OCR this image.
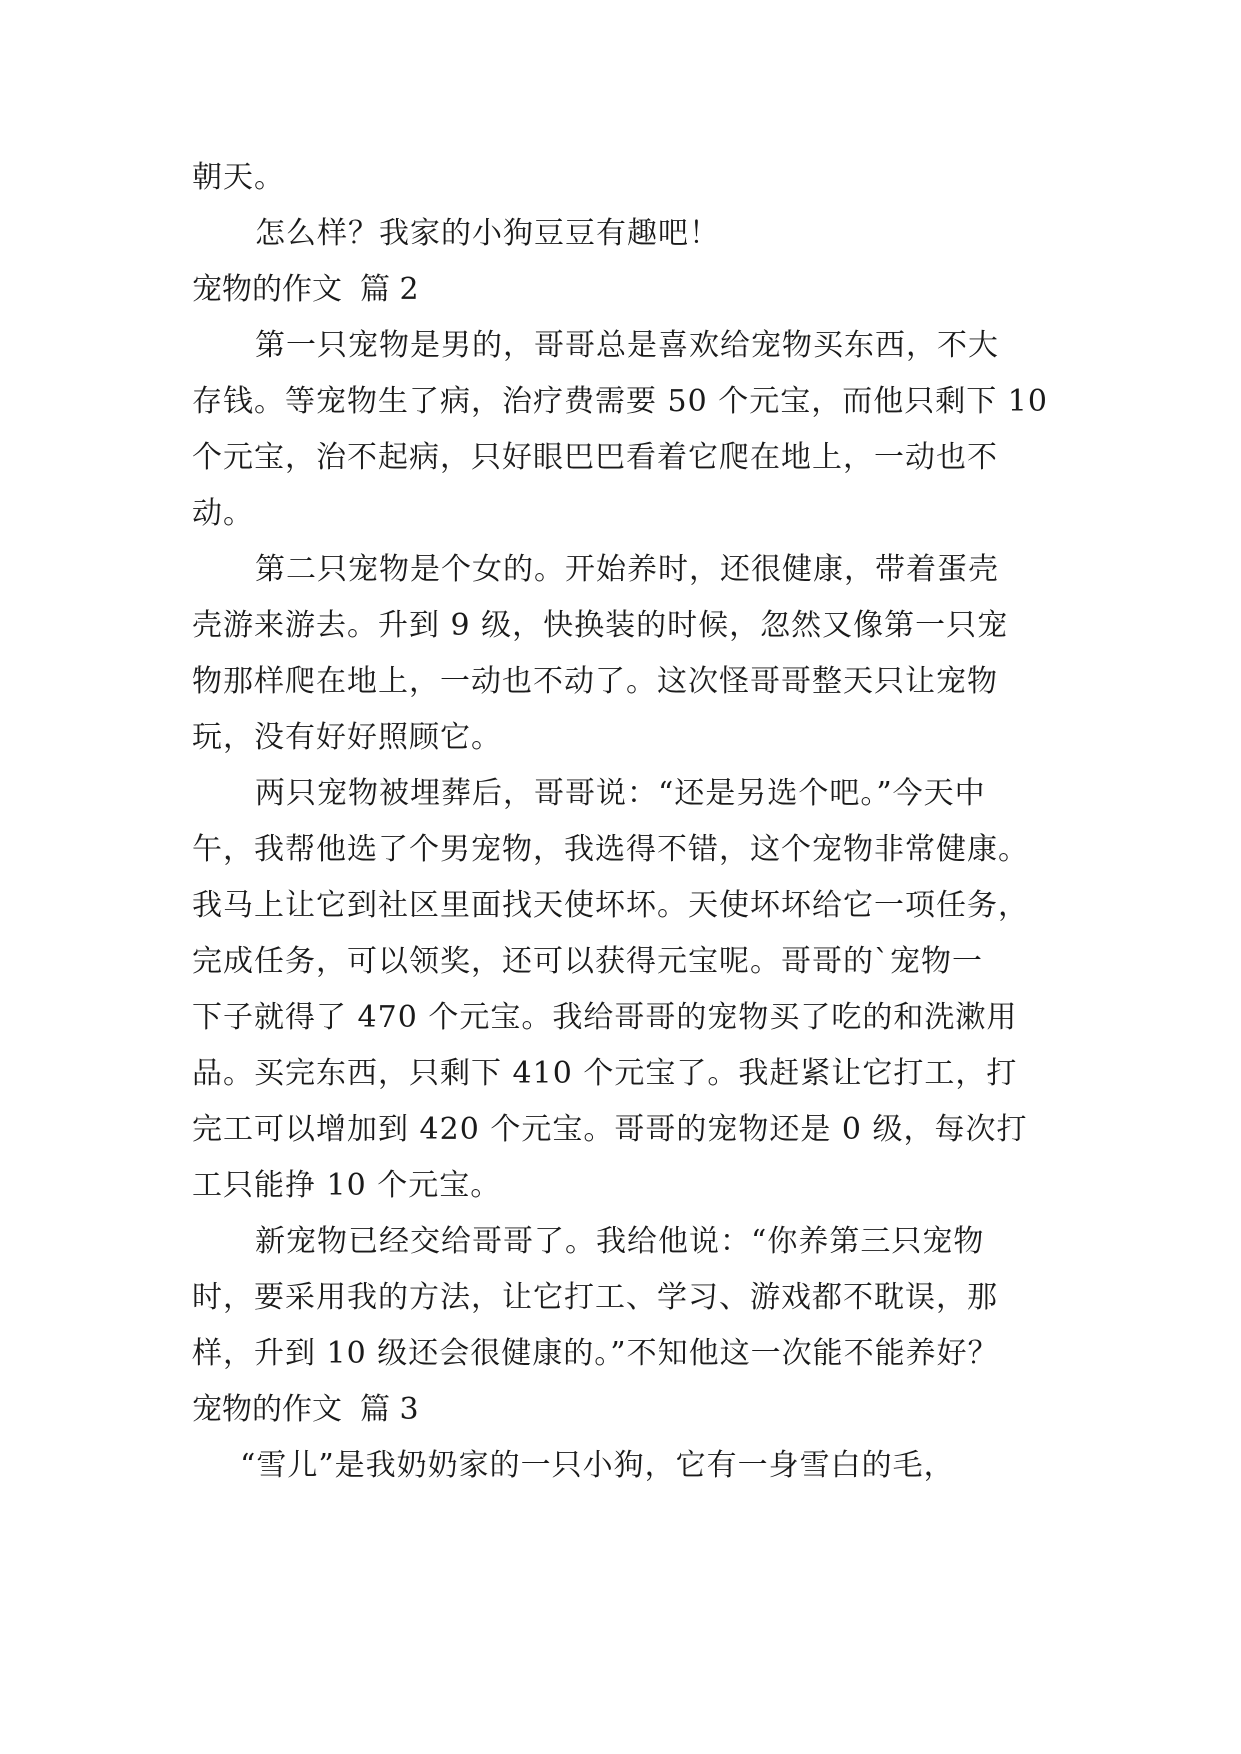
朝天。
怎么样？我家的小狗豆豆有趣吧！
宠物的作文 篇 2
第一只宠物是男的，哥哥总是喜欢给宠物买东西，不大
存钱。等宠物生了病，治疗费需要 50 个元宝，而他只剩下 10
个元宝，治不起病，只好眼巴巴看着它爬在地上，一动也不
动。
第二只宠物是个女的。开始养时，还很健康，带着蛋壳
壳游来游去。升到 9 级，快换装的时候，忽然又像第一只宠
物那样爬在地上，一动也不动了。这次怪哥哥整天只让宠物
玩，没有好好照顾它。
两只宠物被埋葬后，哥哥说：“还是另选个吧。”今天中
午，我帮他选了个男宠物，我选得不错，这个宠物非常健康。
我马上让它到社区里面找天使坏坏。天使坏坏给它一项任务，
完成任务，可以领奖，还可以获得元宝呢。哥哥的`宠物一
下子就得了 470 个元宝。我给哥哥的宠物买了吃的和洗漱用
品。买完东西，只剩下 410 个元宝了。我赶紧让它打工，打
完工可以增加到 420 个元宝。哥哥的宠物还是 0 级，每次打
工只能挣 10 个元宝。
新宠物已经交给哥哥了。我给他说：“你养第三只宠物
时，要采用我的方法，让它打工、学习、游戏都不耽误，那
样，升到 10 级还会很健康的。”不知他这一次能不能养好？
宠物的作文 篇 3
“雪儿”是我奶奶家的一只小狗，它有一身雪白的毛，
